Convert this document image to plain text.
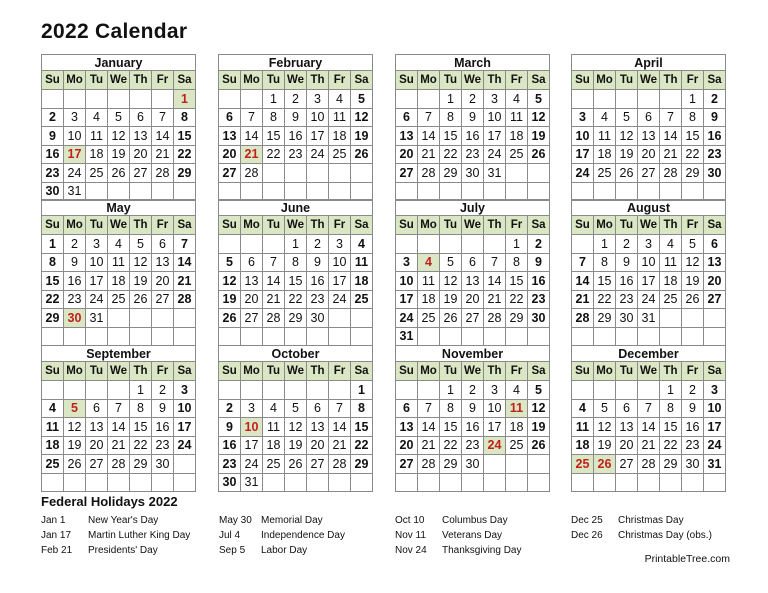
2022 Calendar
January
Su	Mo	Tu	We	Th	Fr	Sa
						1
2	3	4	5	6	7	8
9	10	11	12	13	14	15
16	17	18	19	20	21	22
23	24	25	26	27	28	29
30	31					
February
Su	Mo	Tu	We	Th	Fr	Sa
		1	2	3	4	5
6	7	8	9	10	11	12
13	14	15	16	17	18	19
20	21	22	23	24	25	26
27	28					

March
Su	Mo	Tu	We	Th	Fr	Sa
		1	2	3	4	5
6	7	8	9	10	11	12
13	14	15	16	17	18	19
20	21	22	23	24	25	26
27	28	29	30	31		

April
Su	Mo	Tu	We	Th	Fr	Sa
					1	2
3	4	5	6	7	8	9
10	11	12	13	14	15	16
17	18	19	20	21	22	23
24	25	26	27	28	29	30

May
Su	Mo	Tu	We	Th	Fr	Sa
1	2	3	4	5	6	7
8	9	10	11	12	13	14
15	16	17	18	19	20	21
22	23	24	25	26	27	28
29	30	31				

June
Su	Mo	Tu	We	Th	Fr	Sa
			1	2	3	4
5	6	7	8	9	10	11
12	13	14	15	16	17	18
19	20	21	22	23	24	25
26	27	28	29	30		

July
Su	Mo	Tu	We	Th	Fr	Sa
					1	2
3	4	5	6	7	8	9
10	11	12	13	14	15	16
17	18	19	20	21	22	23
24	25	26	27	28	29	30
31						
August
Su	Mo	Tu	We	Th	Fr	Sa
	1	2	3	4	5	6
7	8	9	10	11	12	13
14	15	16	17	18	19	20
21	22	23	24	25	26	27
28	29	30	31			

September
Su	Mo	Tu	We	Th	Fr	Sa
				1	2	3
4	5	6	7	8	9	10
11	12	13	14	15	16	17
18	19	20	21	22	23	24
25	26	27	28	29	30	

October
Su	Mo	Tu	We	Th	Fr	Sa
						1
2	3	4	5	6	7	8
9	10	11	12	13	14	15
16	17	18	19	20	21	22
23	24	25	26	27	28	29
30	31					
November
Su	Mo	Tu	We	Th	Fr	Sa
		1	2	3	4	5
6	7	8	9	10	11	12
13	14	15	16	17	18	19
20	21	22	23	24	25	26
27	28	29	30			

December
Su	Mo	Tu	We	Th	Fr	Sa
				1	2	3
4	5	6	7	8	9	10
11	12	13	14	15	16	17
18	19	20	21	22	23	24
25	26	27	28	29	30	31

Federal Holidays 2022
Jan 1 New Year's Day
Jan 17 Martin Luther King Day
Feb 21 Presidents' Day
May 30 Memorial Day
Jul 4 Independence Day
Sep 5 Labor Day
Oct 10 Columbus Day
Nov 11 Veterans Day
Nov 24 Thanksgiving Day
Dec 25 Christmas Day
Dec 26 Christmas Day (obs.)
PrintableTree.com
